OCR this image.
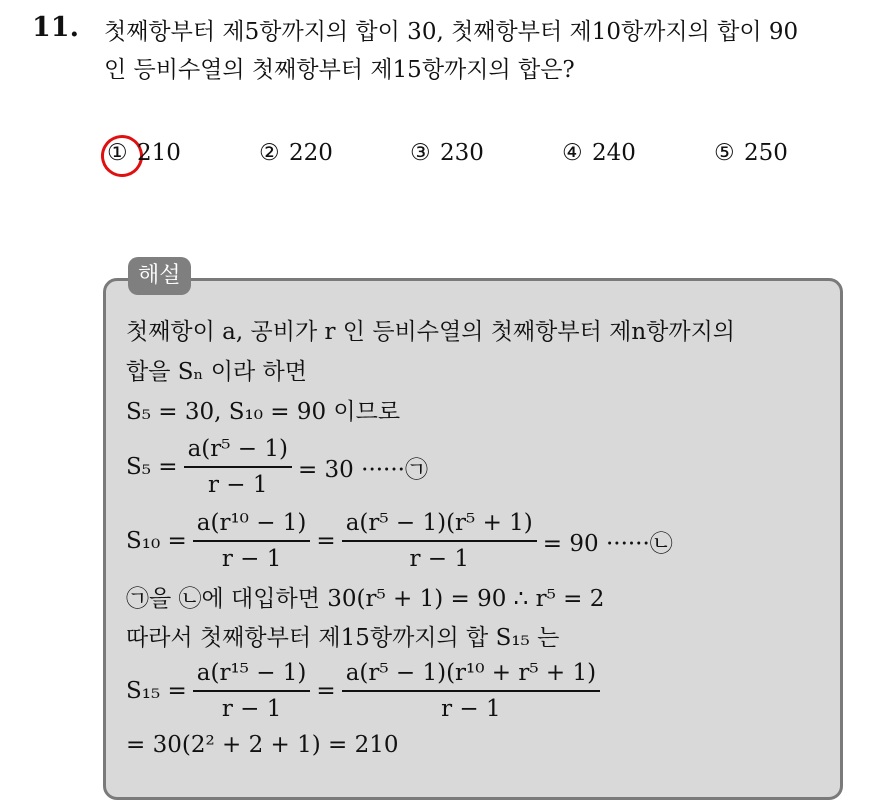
11. 첫째항부터 제5항까지의 합이 30, 첫째항부터 제10항까지의 합이 90
인 등비수열의 첫째항부터 제15항까지의 합은?
① 210	② 220	③ 230	④ 240	⑤ 250
해설
첫째항이 a, 공비가 r 인 등비수열의 첫째항부터 제n항까지의
합을 Sₙ 이라 하면
S₅ = 30, S₁₀ = 90 이므로
$S_5 = \frac{\text{a(r⁵ − 1)}}{r - 1} = 30$ ······㉠
$S_{10} = \frac{\text{a(r¹⁰ − 1)}}{r - 1} = \frac{\text{a(r⁵ − 1)(r⁵ + 1)}}{r - 1} = 90$ ······㉡
㉠을 ㉡에 대입하면 30(r⁵ + 1) = 90 ∴ r⁵ = 2
따라서 첫째항부터 제15항까지의 합 S₁₅ 는
$S_{15} = \frac{\text{a(r¹⁵ − 1)}}{r - 1} = \frac{\text{a(r⁵ − 1)(r¹⁰ + r⁵ + 1)}}{r - 1}$
= 30(2² + 2 + 1) = 210
